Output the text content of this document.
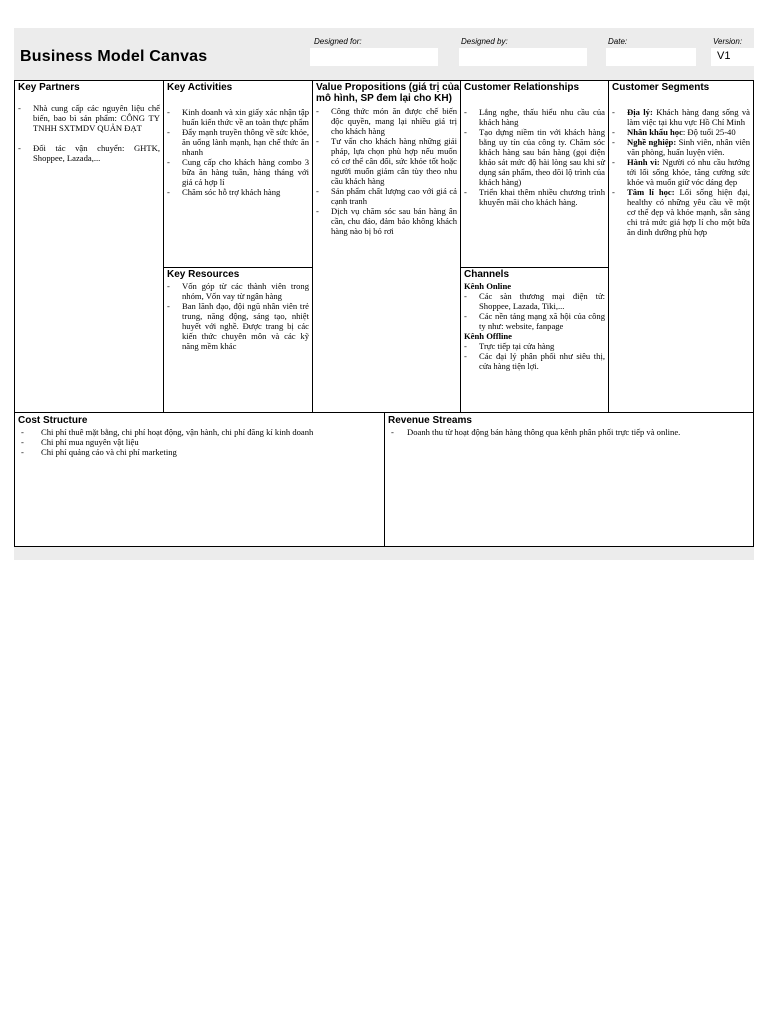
Business Model Canvas
Designed for:	Designed by:	Date:	Version:
V1
Key Partners
- Nhà cung cấp các nguyên liệu chế biến, bao bì sản phẩm: CÔNG TY TNHH SXTMDV QUẢN ĐẠT
- Đối tác vận chuyển: GHTK, Shoppee, Lazada,...
Key Activities
- Kinh doanh và xin giấy xác nhận tập huấn kiến thức về an toàn thực phẩm
- Đẩy mạnh truyền thông về sức khỏe, ăn uống lành mạnh, hạn chế thức ăn nhanh
- Cung cấp cho khách hàng combo 3 bữa ăn hàng tuần, hàng tháng với giá cả hợp lí
- Chăm sóc hỗ trợ khách hàng
Key Resources
- Vốn góp từ các thành viên trong nhóm, Vốn vay từ ngân hàng
- Ban lãnh đạo, đội ngũ nhân viên trẻ trung, năng động, sáng tạo, nhiệt huyết với nghề. Được trang bị các kiến thức chuyên môn và các kỹ năng mềm khác
Value Propositions (giá trị của mô hình, SP đem lại cho KH)
- Công thức món ăn được chế biến độc quyền, mang lại nhiều giá trị cho khách hàng
- Tư vấn cho khách hàng những giải pháp, lựa chọn phù hợp nếu muốn có cơ thể cân đối, sức khỏe tốt hoặc người muốn giảm cân tùy theo nhu cầu khách hàng
- Sản phẩm chất lượng cao với giá cả cạnh tranh
- Dịch vụ chăm sóc sau bán hàng ân cần, chu đáo, đảm bảo không khách hàng nào bị bỏ rơi
Customer Relationships
- Lắng nghe, thấu hiểu nhu cầu của khách hàng
- Tạo dựng niềm tin với khách hàng bằng uy tín của công ty. Chăm sóc khách hàng sau bán hàng (gọi điện khảo sát mức độ hài lòng sau khi sử dụng sản phẩm, theo dõi lộ trình của khách hàng)
- Triển khai thêm nhiều chương trình khuyến mãi cho khách hàng.
Channels
Kênh Online
- Các sàn thương mại điện tử: Shoppee, Lazada, Tiki,...
- Các nền tảng mạng xã hội của công ty như: website, fanpage
Kênh Offline
- Trực tiếp tại cửa hàng
- Các đại lý phân phối như siêu thị, cửa hàng tiện lợi.
Customer Segments
- Địa lý: Khách hàng đang sống và làm việc tại khu vực Hồ Chí Minh
- Nhân khẩu học: Độ tuổi 25-40
- Nghề nghiệp: Sinh viên, nhân viên văn phòng, huấn luyện viên.
- Hành vi: Người có nhu cầu hướng tới lối sống khỏe, tăng cường sức khỏe và muốn giữ vóc dáng đẹp
- Tâm lí học: Lối sống hiện đại, healthy có những yêu cầu về một cơ thể đẹp và khỏe mạnh, sẵn sàng chi trả mức giá hợp lí cho một bữa ăn dinh dưỡng phù hợp
Cost Structure
- Chi phí thuê mặt bằng, chi phí hoạt động, vận hành, chi phí đăng kí kinh doanh
- Chi phí mua nguyên vật liệu
- Chi phí quảng cáo và chi phí marketing
Revenue Streams
- Doanh thu từ hoạt động bán hàng thông qua kênh phân phối trực tiếp và online.
